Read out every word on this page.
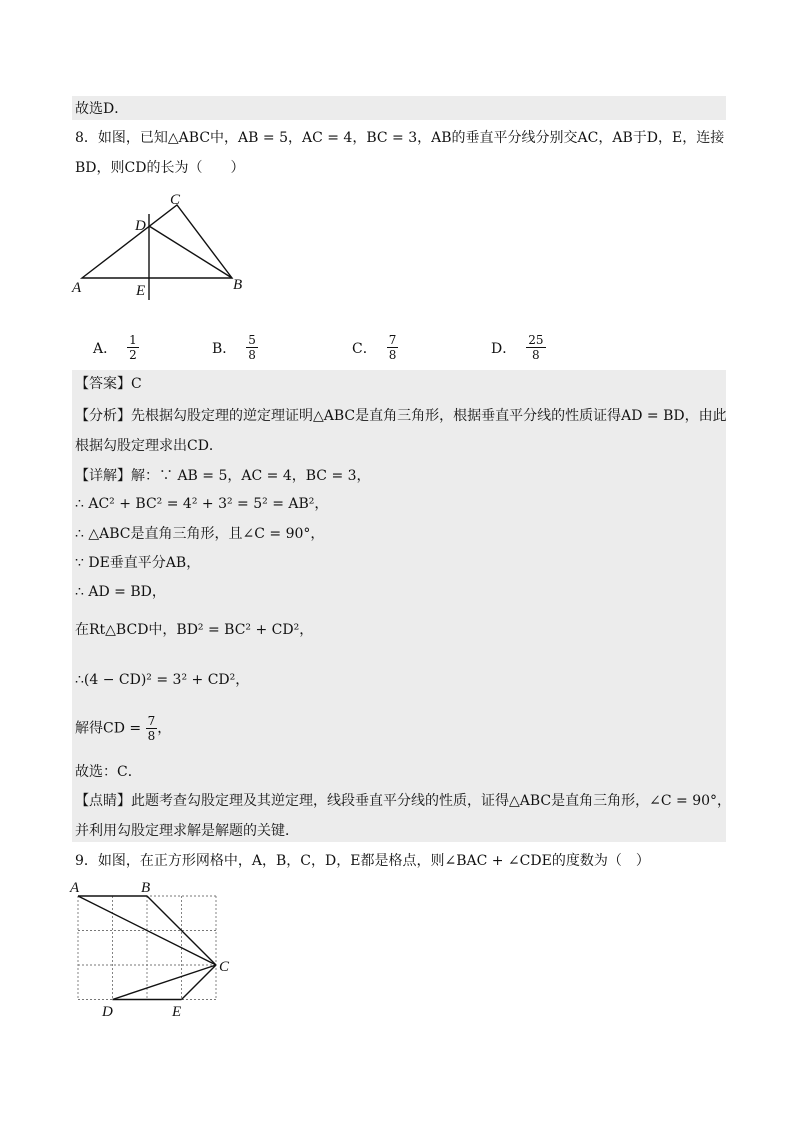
故选D．
8．如图，已知△ABC中，AB = 5，AC = 4，BC = 3，AB的垂直平分线分别交AC，AB于D，E，连接
BD，则CD的长为（　　）
A	B
C
D
E
A． $\frac{1}{2}$	B． $\frac{5}{8}$	C． $\frac{7}{8}$	D． $\frac{25}{8}$
【答案】C
【分析】先根据勾股定理的逆定理证明△ABC是直角三角形，根据垂直平分线的性质证得AD = BD，由此
根据勾股定理求出CD．
【详解】解：∵ AB = 5，AC = 4，BC = 3，
∴ AC² + BC² = 4² + 3² = 5² = AB²，
∴ △ABC是直角三角形，且∠C = 90°，
∵ DE垂直平分AB，
∴ AD = BD，
在Rt△BCD中，BD² = BC² + CD²，
∴(4 − CD)² = 3² + CD²，
解得CD = $\frac{7}{8}$ ，
故选：C．
【点睛】此题考查勾股定理及其逆定理，线段垂直平分线的性质，证得△ABC是直角三角形，∠C = 90°，
并利用勾股定理求解是解题的关键．
9．如图，在正方形网格中，A，B，C，D，E都是格点，则∠BAC + ∠CDE的度数为（　）
A	B
C
D	E
